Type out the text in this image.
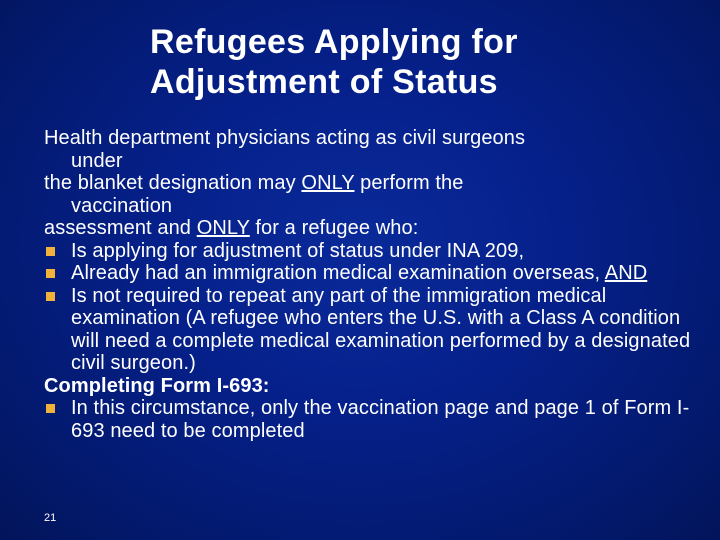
Refugees Applying for
Adjustment of Status

Health department physicians acting as civil surgeons

under

the blanket designation may ONLY perform the

vaccination

assessment and ONLY for a refugee who:

Is applying for adjustment of status under INA 209,
Already had an immigration medical examination overseas, AND
Is not required to repeat any part of the immigration medical examination (A refugee who enters the U.S. with a Class A condition will need a complete medical examination performed by a designated civil surgeon.)

Completing Form I-693:

In this circumstance, only the vaccination page and page 1 of Form I-693 need to be completed
21
